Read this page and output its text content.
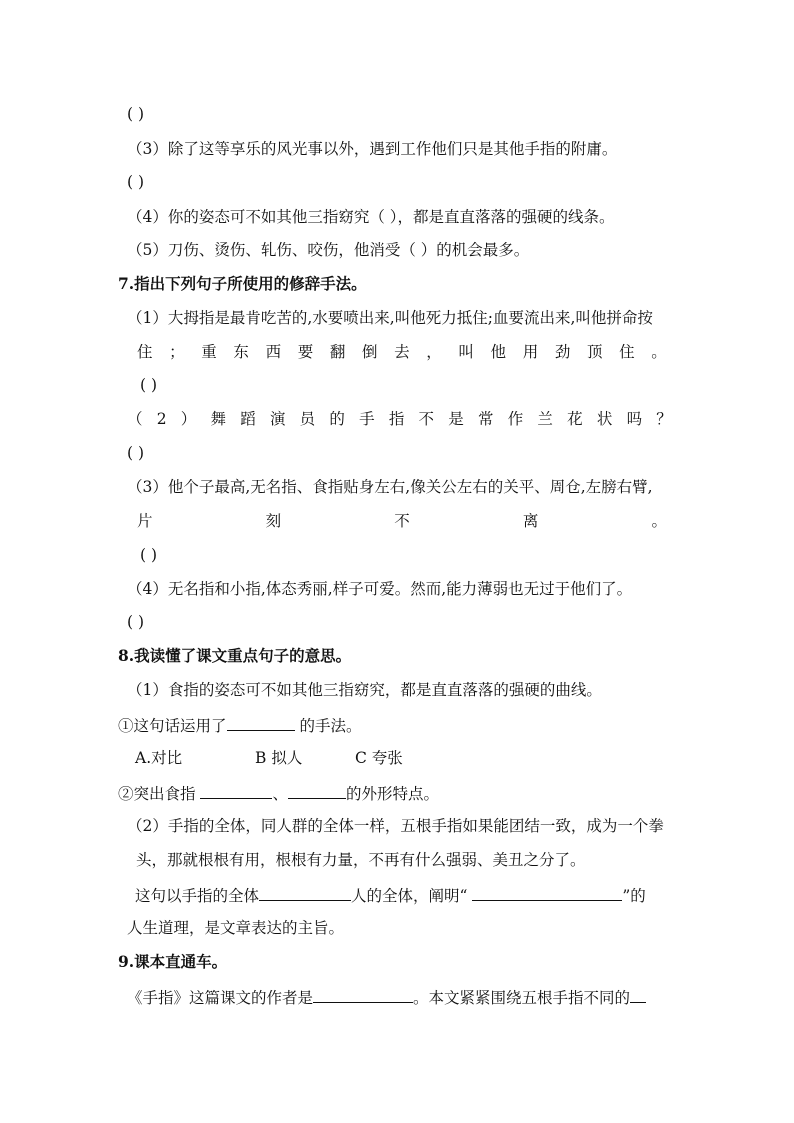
( )
（3）除了这等享乐的风光事以外，遇到工作他们只是其他手指的附庸。
( )
（4）你的姿态可不如其他三指窈究（ ），都是直直落落的强硬的线条。
（5）刀伤、烫伤、轧伤、咬伤，他消受（ ）的机会最多。
7.指出下列句子所使用的修辞手法。
（1）大拇指是最肯吃苦的,水要喷出来,叫他死力抵住;血要流出来,叫他拼命按
住 ； 重 东 西 要 翻 倒 去 ， 叫 他 用 劲 顶 住 。
( )
（ 2 ） 舞 蹈 演 员 的 手 指 不 是 常 作 兰 花 状 吗 ？
( )
（3）他个子最高,无名指、食指贴身左右,像关公左右的关平、周仓,左膀右臂,
片	刻	不	离	。
( )
（4）无名指和小指,体态秀丽,样子可爱。然而,能力薄弱也无过于他们了。
( )
8.我读懂了课文重点句子的意思。
（1）食指的姿态可不如其他三指窈究，都是直直落落的强硬的曲线。
①这句话运用了	的手法。
A.对比	B 拟人	C 夸张
②突出食指	、	的外形特点。
（2）手指的全体，同人群的全体一样，五根手指如果能团结一致，成为一个拳
头，那就根根有用，根根有力量，不再有什么强弱、美丑之分了。
这句以手指的全体	人的全体，阐明“	”的
人生道理，是文章表达的主旨。
9.课本直通车。
《手指》这篇课文的作者是	。本文紧紧围绕五根手指不同的
